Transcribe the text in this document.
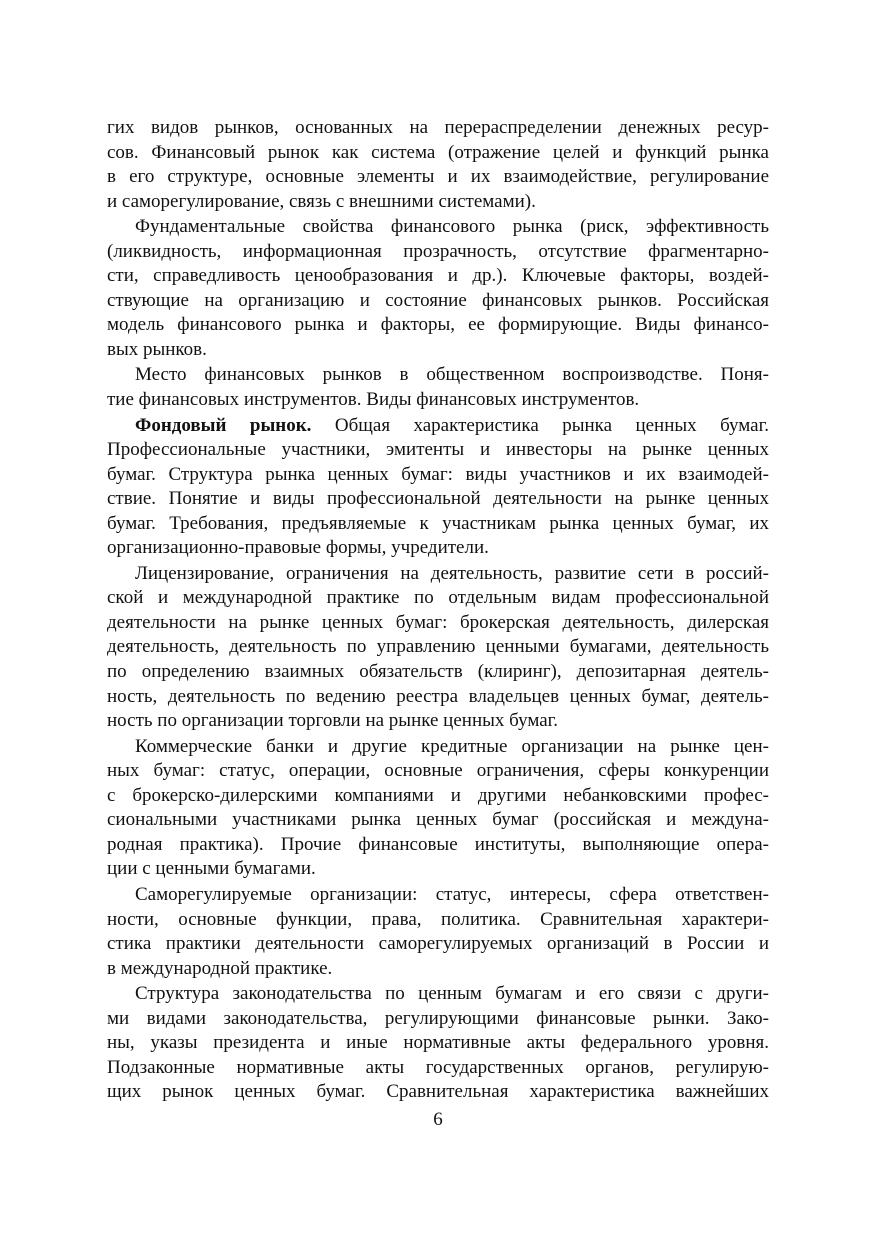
гих видов рынков, основанных на перераспределении денежных ресур-
сов. Финансовый рынок как система (отражение целей и функций рынка
в его структуре, основные элементы и их взаимодействие, регулирование
и саморегулирование, связь с внешними системами).

Фундаментальные свойства финансового рынка (риск, эффективность
(ликвидность, информационная прозрачность, отсутствие фрагментарно-
сти, справедливость ценообразования и др.). Ключевые факторы, воздей-
ствующие на организацию и состояние финансовых рынков. Российская
модель финансового рынка и факторы, ее формирующие. Виды финансо-
вых рынков.

Место финансовых рынков в общественном воспроизводстве. Поня-
тие финансовых инструментов. Виды финансовых инструментов.

Фондовый рынок. Общая характеристика рынка ценных бумаг.
Профессиональные участники, эмитенты и инвесторы на рынке ценных
бумаг. Структура рынка ценных бумаг: виды участников и их взаимодей-
ствие. Понятие и виды профессиональной деятельности на рынке ценных
бумаг. Требования, предъявляемые к участникам рынка ценных бумаг, их
организационно-правовые формы, учредители.

Лицензирование, ограничения на деятельность, развитие сети в россий-
ской и международной практике по отдельным видам профессиональной
деятельности на рынке ценных бумаг: брокерская деятельность, дилерская
деятельность, деятельность по управлению ценными бумагами, деятельность
по определению взаимных обязательств (клиринг), депозитарная деятель-
ность, деятельность по ведению реестра владельцев ценных бумаг, деятель-
ность по организации торговли на рынке ценных бумаг.

Коммерческие банки и другие кредитные организации на рынке цен-
ных бумаг: статус, операции, основные ограничения, сферы конкуренции
с брокерско-дилерскими компаниями и другими небанковскими профес-
сиональными участниками рынка ценных бумаг (российская и междуна-
родная практика). Прочие финансовые институты, выполняющие опера-
ции с ценными бумагами.

Саморегулируемые организации: статус, интересы, сфера ответствен-
ности, основные функции, права, политика. Сравнительная характери-
стика практики деятельности саморегулируемых организаций в России и
в международной практике.

Структура законодательства по ценным бумагам и его связи с други-
ми видами законодательства, регулирующими финансовые рынки. Зако-
ны, указы президента и иные нормативные акты федерального уровня.
Подзаконные нормативные акты государственных органов, регулирую-
щих рынок ценных бумаг. Сравнительная характеристика важнейших

6
